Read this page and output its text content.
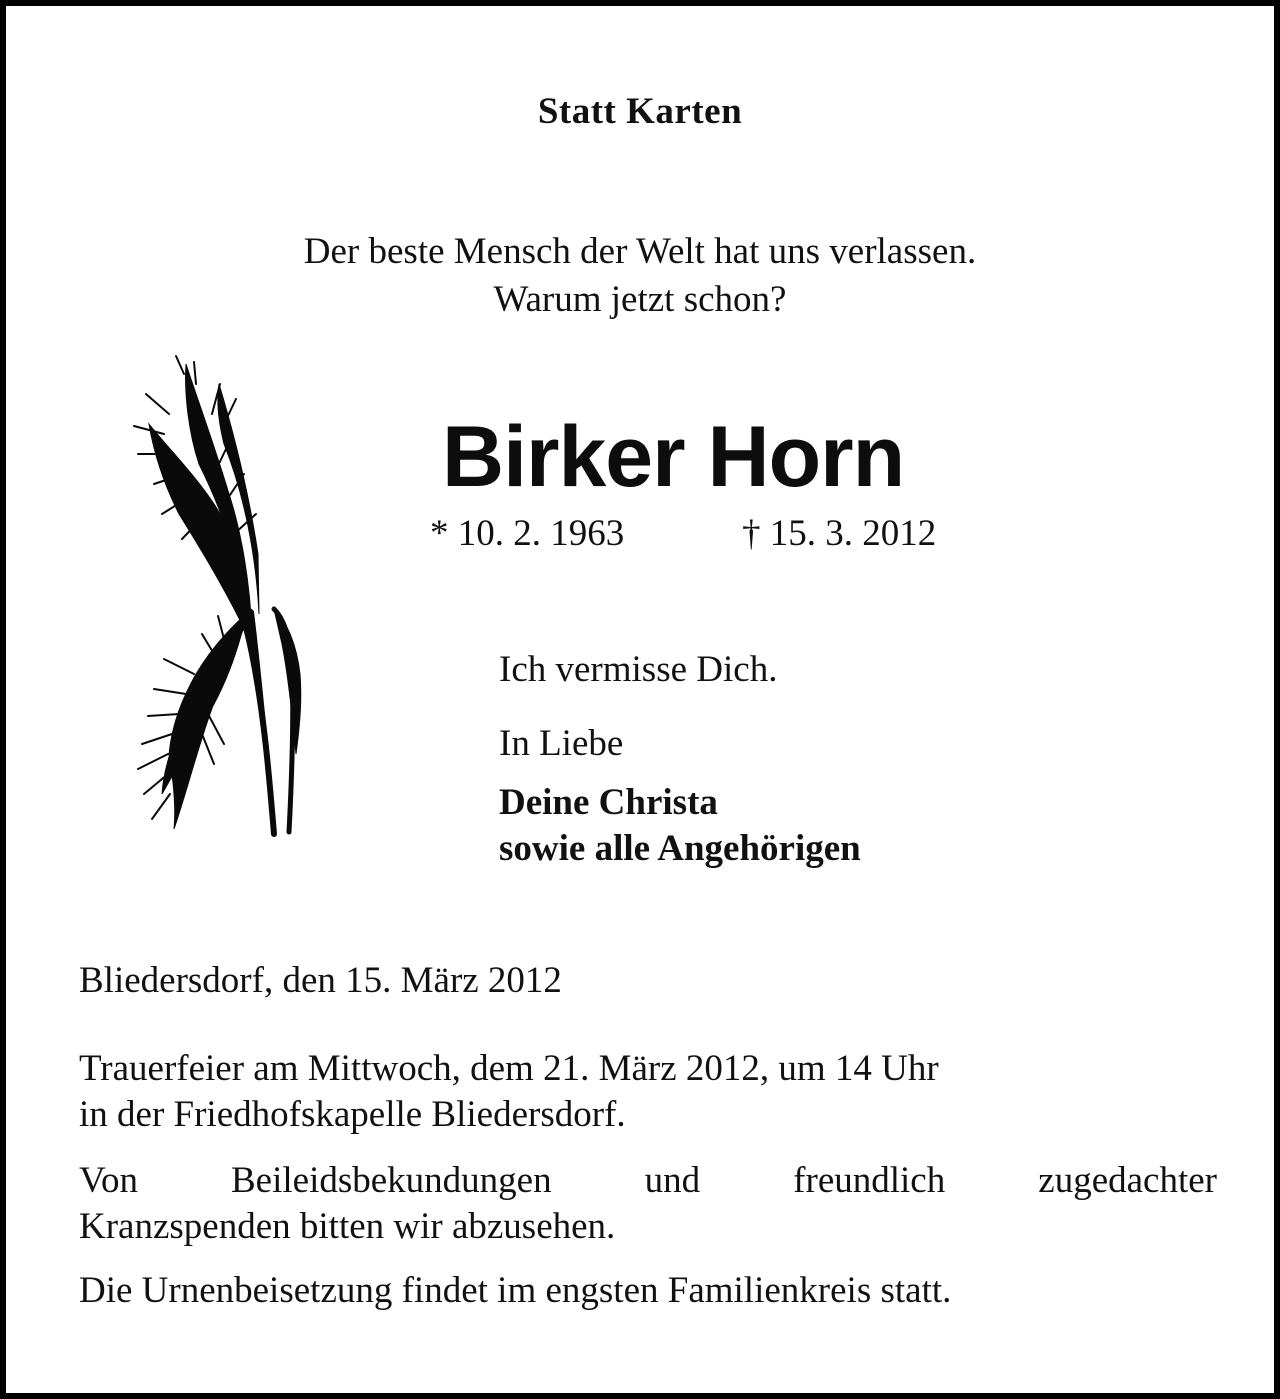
Statt Karten
Der beste Mensch der Welt hat uns verlassen.
Warum jetzt schon?
Birker Horn
* 10. 2. 1963	† 15. 3. 2012
Ich vermisse Dich.
In Liebe
Deine Christa
sowie alle Angehörigen
Bliedersdorf, den 15. März 2012
Trauerfeier am Mittwoch, dem 21. März 2012, um 14 Uhr
in der Friedhofskapelle Bliedersdorf.
Von Beileidsbekundungen und freundlich zugedachter
Kranzspenden bitten wir abzusehen.
Die Urnenbeisetzung findet im engsten Familienkreis statt.
